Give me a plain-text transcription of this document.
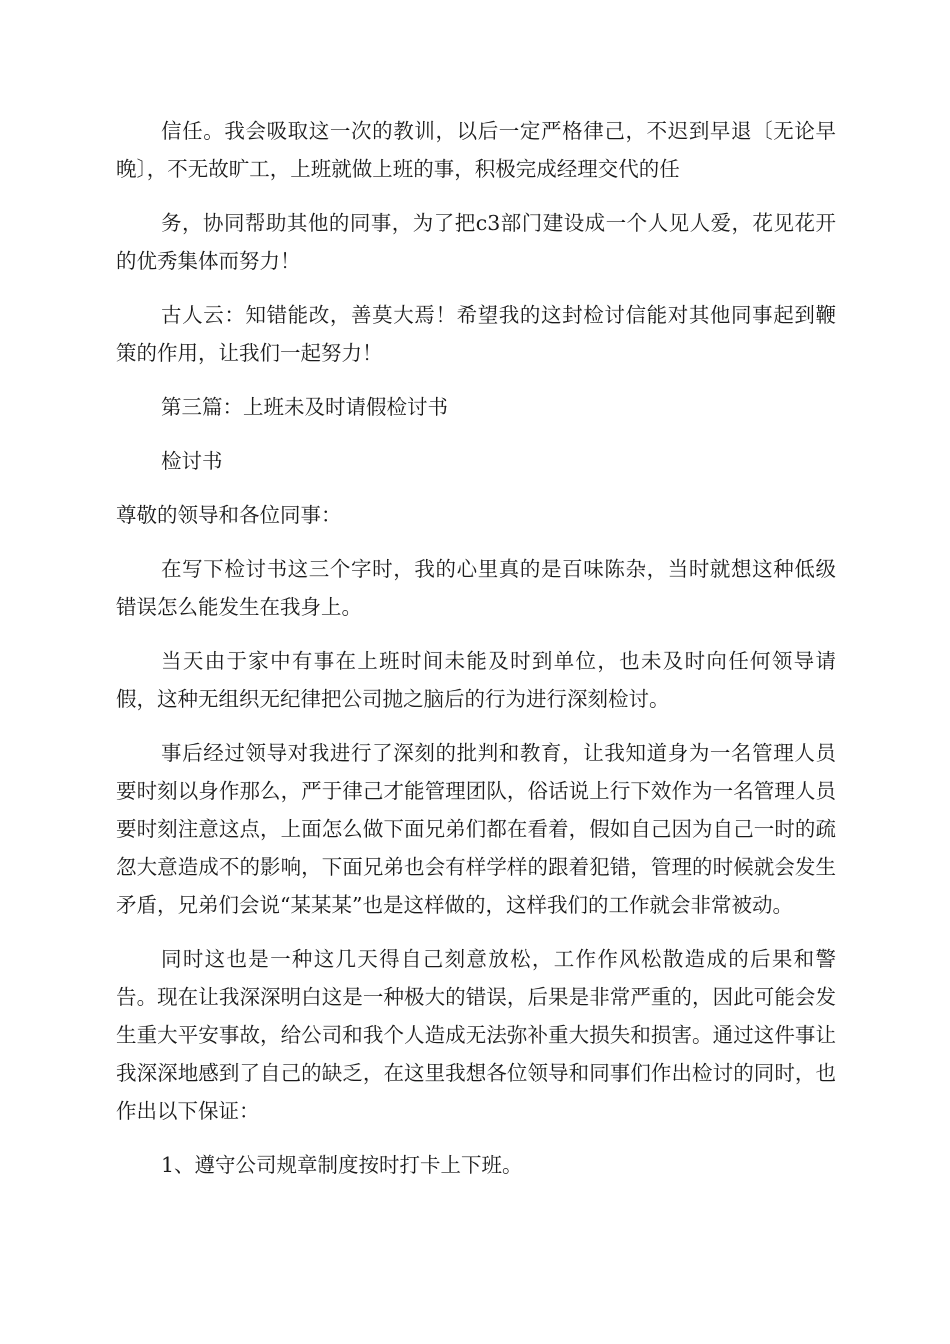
信任。我会吸取这一次的教训，以后一定严格律己，不迟到早退〔无论早晚〕，不无故旷工，上班就做上班的事，积极完成经理交代的任

务，协同帮助其他的同事，为了把c3部门建设成一个人见人爱，花见花开的优秀集体而努力！

古人云：知错能改，善莫大焉！希望我的这封检讨信能对其他同事起到鞭策的作用，让我们一起努力！

第三篇：上班未及时请假检讨书

检讨书

尊敬的领导和各位同事：

在写下检讨书这三个字时，我的心里真的是百味陈杂，当时就想这种低级错误怎么能发生在我身上。

当天由于家中有事在上班时间未能及时到单位，也未及时向任何领导请假，这种无组织无纪律把公司抛之脑后的行为进行深刻检讨。

事后经过领导对我进行了深刻的批判和教育，让我知道身为一名管理人员要时刻以身作那么，严于律己才能管理团队，俗话说上行下效作为一名管理人员要时刻注意这点，上面怎么做下面兄弟们都在看着，假如自己因为自己一时的疏忽大意造成不的影响，下面兄弟也会有样学样的跟着犯错，管理的时候就会发生矛盾，兄弟们会说“某某某”也是这样做的，这样我们的工作就会非常被动。

同时这也是一种这几天得自己刻意放松，工作作风松散造成的后果和警告。现在让我深深明白这是一种极大的错误，后果是非常严重的，因此可能会发生重大平安事故，给公司和我个人造成无法弥补重大损失和损害。通过这件事让我深深地感到了自己的缺乏，在这里我想各位领导和同事们作出检讨的同时，也作出以下保证：

1、遵守公司规章制度按时打卡上下班。
